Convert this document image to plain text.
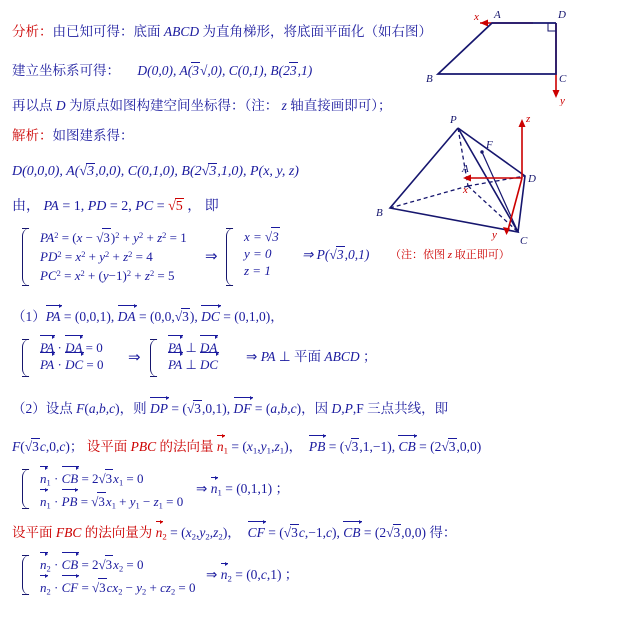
分析：由已知可得：底面 ABCD 为直角梯形，将底面平面化（如右图）
建立坐标系可得： D(0,0), A(3√​,0), C(0,1), B(23,1)
再以点 D 为原点如图构建空间坐标得：（注： z 轴直接画即可）；
解析：如图建系得：
D(0,0,0), A(√3,0,0), C(0,1,0), B(2√3,1,0), P(x, y, z)
由， PA = 1, PD = 2, PC = √5 ， 即
$PA^2 = (x - √3)^2 + y^2 + z^2 = 1$
$PD^2 = x^2 + y^2 + z^2 = 4$
$PC^2 = x^2 + (y-1)^2 + z^2 = 5$
⇒
x = √3
y = 0
z = 1
⇒ P(√3,0,1) （注：依图 z 取正即可）
（1）PA = (0,0,1), DA = (0,0,√3), DC = (0,1,0)，
PA · DA = 0
PA · DC = 0 ⇒
PA ⊥ DA
PA ⊥ DC
⇒ PA ⊥ 平面 ABCD ；
（2）设点 F(a,b,c)，则 DP = (√3,0,1), DF = (a,b,c)，因 D,P,F 三点共线，即
F(√3c,0,c)； 设平面 PBC 的法向量 $n_1 = (x_1,y_1,z_1)$，  PB = (√3,1,−1), CB = (2√3,0,0)
$n_1$ · CB = $2√3x_1 = 0$
$n_1$ · PB = $√3x_1 + y_1 - z_1 = 0$
⇒ $n_1 = (0,1,1)$ ；
设平面 FBC 的法向量为 $n_2 = (x_2,y_2,z_2)$，  CF = (√3c,−1,c), CB = (2√3,0,0) 得：
$n_2$ · CB = $2√3x_2 = 0$
$n_2$ · CF = $√3cx_2 - y_2 + cz_2 = 0$
⇒ $n_2 = (0,c,1)$ ；
x A	D
B	C
y
P	z
F
A
D
x
B
y C
